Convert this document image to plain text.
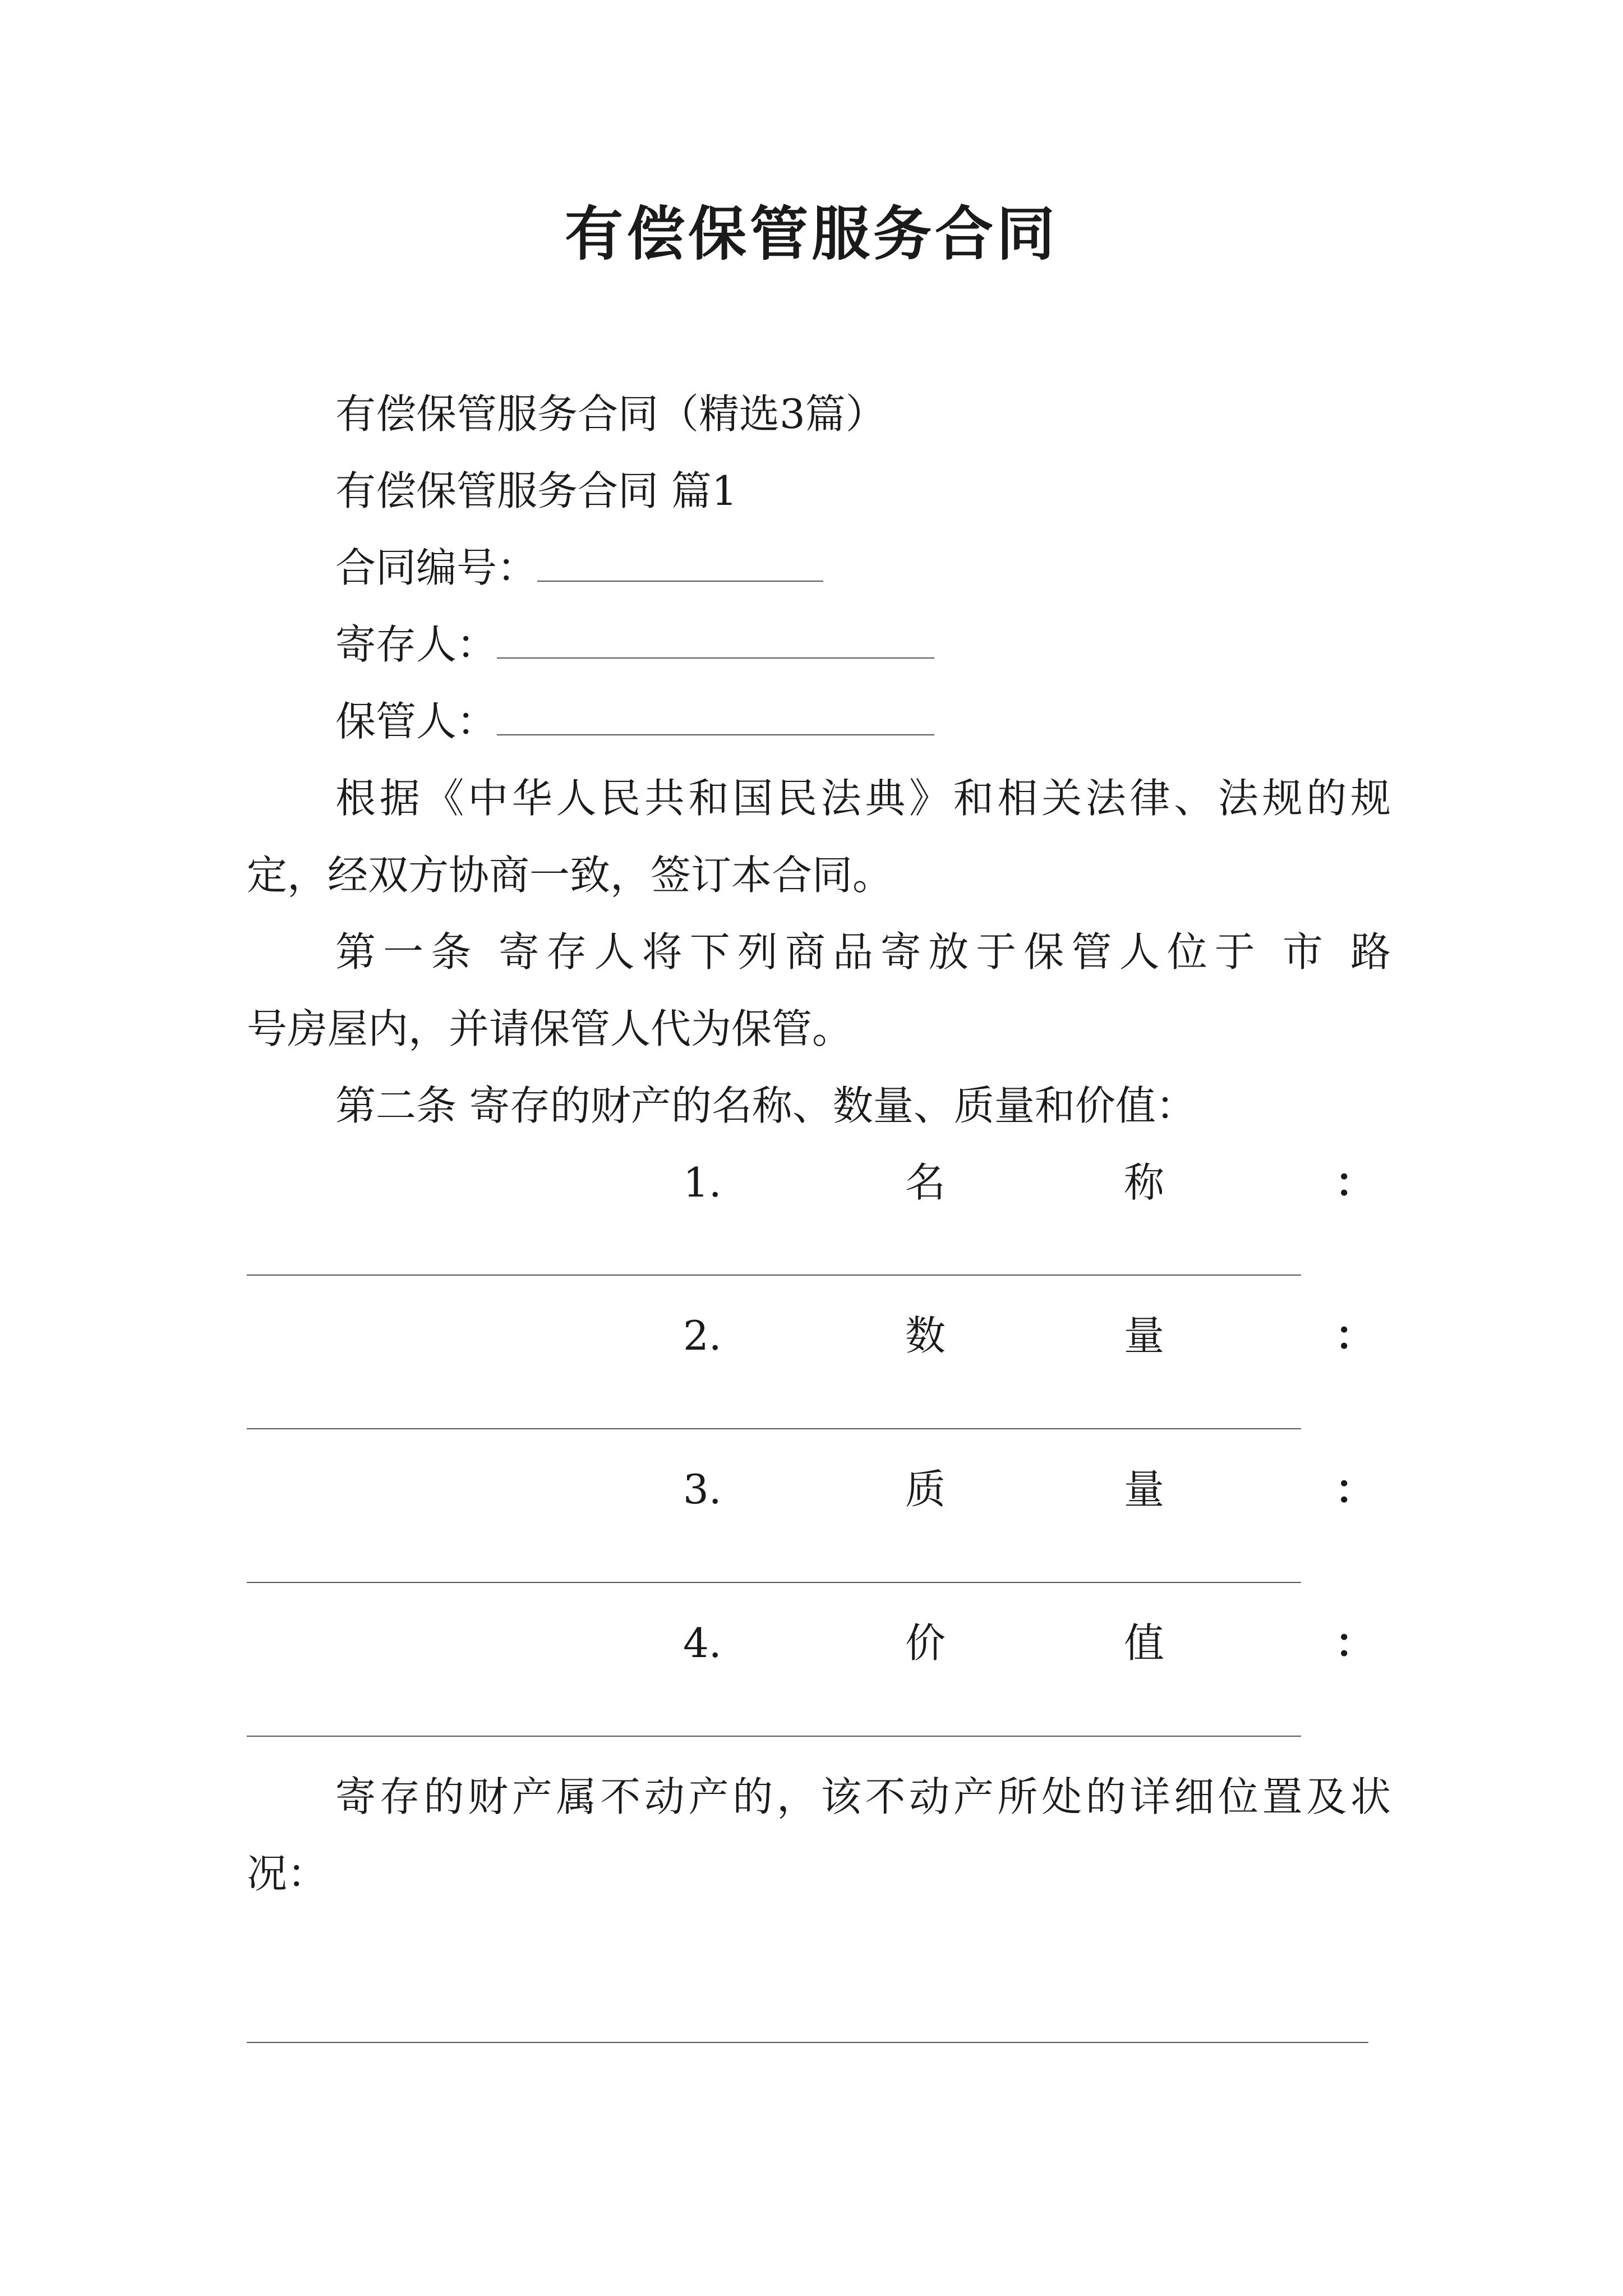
有偿保管服务合同
有偿保管服务合同（精选3篇）
有偿保管服务合同 篇1
合同编号：
寄存人：
保管人：
根据《中华人民共和国民法典》和相关法律、法规的规
定，经双方协商一致，签订本合同。
第一条 寄存人将下列商品寄放于保管人位于 市 路
号房屋内，并请保管人代为保管。
第二条 寄存的财产的名称、数量、质量和价值：
1.	名	称	：
2.	数	量	：
3.	质	量	：
4.	价	值	：
寄存的财产属不动产的，该不动产所处的详细位置及状
况：
